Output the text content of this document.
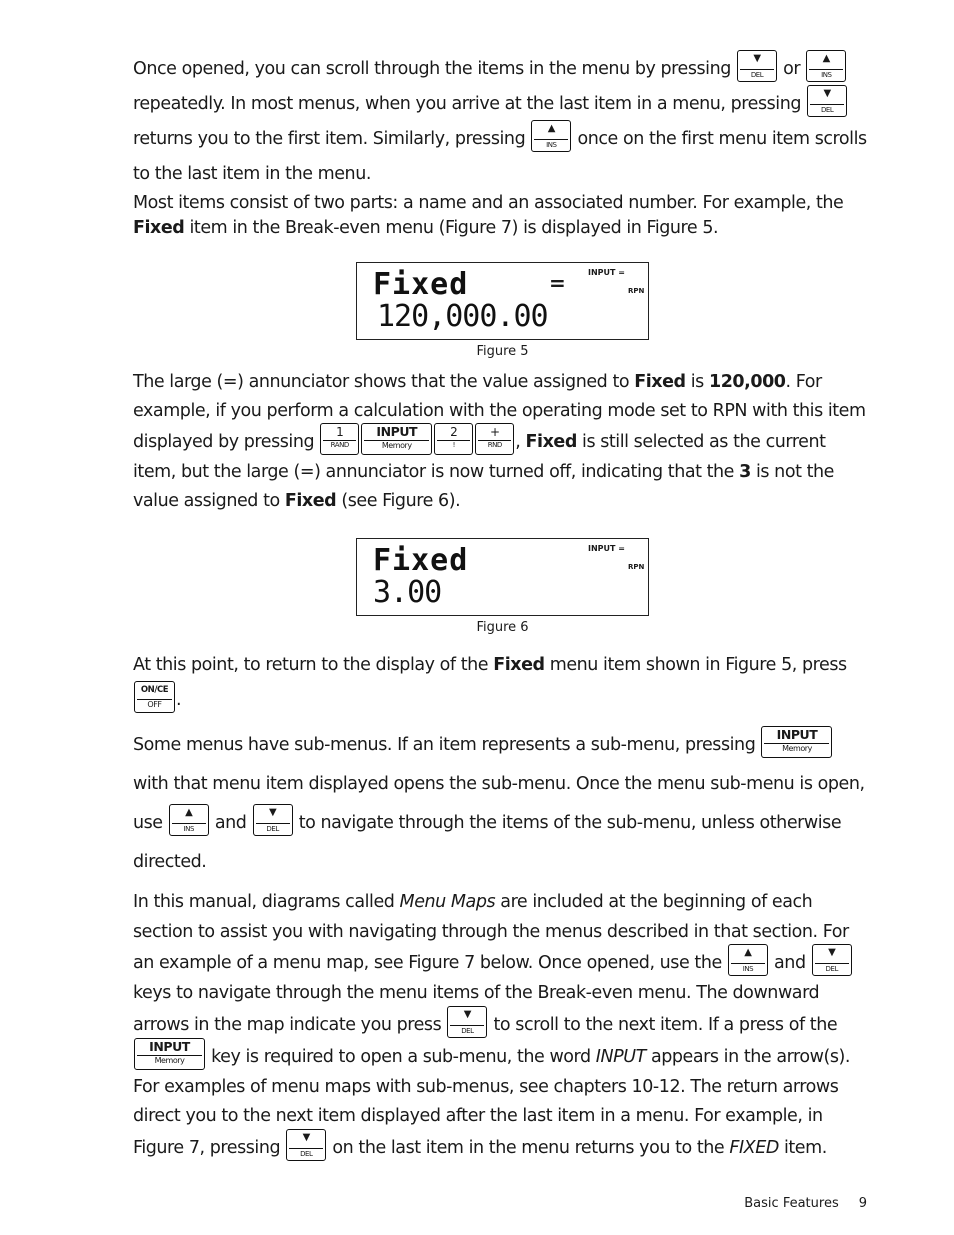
Once opened, you can scroll through the items in the menu by pressing
▼
DEL	or
▲
INS
repeatedly. In most menus, when you arrive at the last item in a menu, pressing
▼
DEL
returns you to the first item. Similarly, pressing
▲
INS	once on the first menu item scrolls to the last item in the menu.

Most items consist of two parts: a name and an associated number. For example, the Fixed item in the Break-even menu (Figure 7) is displayed in Figure 5.

The large (=) annunciator shows that the value assigned to Fixed is 120,000. For example, if you perform a calculation with the operating mode set to RPN with this item displayed by pressing	1
RAND
INPUT
Memory
2
!
+
RND , Fixed is still selected as the current item, but the large (=) annunciator is now turned off, indicating that the 3 is not the value assigned to Fixed (see Figure 6).

At this point, to return to the display of the Fixed menu item shown in Figure 5, press
ON/CE
OFF .

Some menus have sub-menus. If an item represents a sub-menu, pressing
INPUT
Memory
with that menu item displayed opens the sub-menu. Once the menu sub-menu is open, use
▲
INS	and
▼
DEL	to navigate through the items of the sub-menu, unless otherwise directed.

In this manual, diagrams called Menu Maps are included at the beginning of each section to assist you with navigating through the menus described in that section. For an example of a menu map, see Figure 7 below. Once opened, use the
▲
INS	and
▼
DEL
keys to navigate through the menu items of the Break-even menu. The downward arrows in the map indicate you press
▼
DEL	to scroll to the next item. If a press of the
INPUT
Memory	key is required to open a sub-menu, the word INPUT appears in the arrow(s). For examples of menu maps with sub-menus, see chapters 10-12. The return arrows direct you to the next item displayed after the last item in a menu. For example, in Figure 7, pressing
▼
DEL	on the last item in the menu returns you to the FIXED item.

Fixed
120,000.00
=	INPUT =
RPN
Figure 5
Fixed
3.00
INPUT =
RPN
Figure 6
Basic Features 9
